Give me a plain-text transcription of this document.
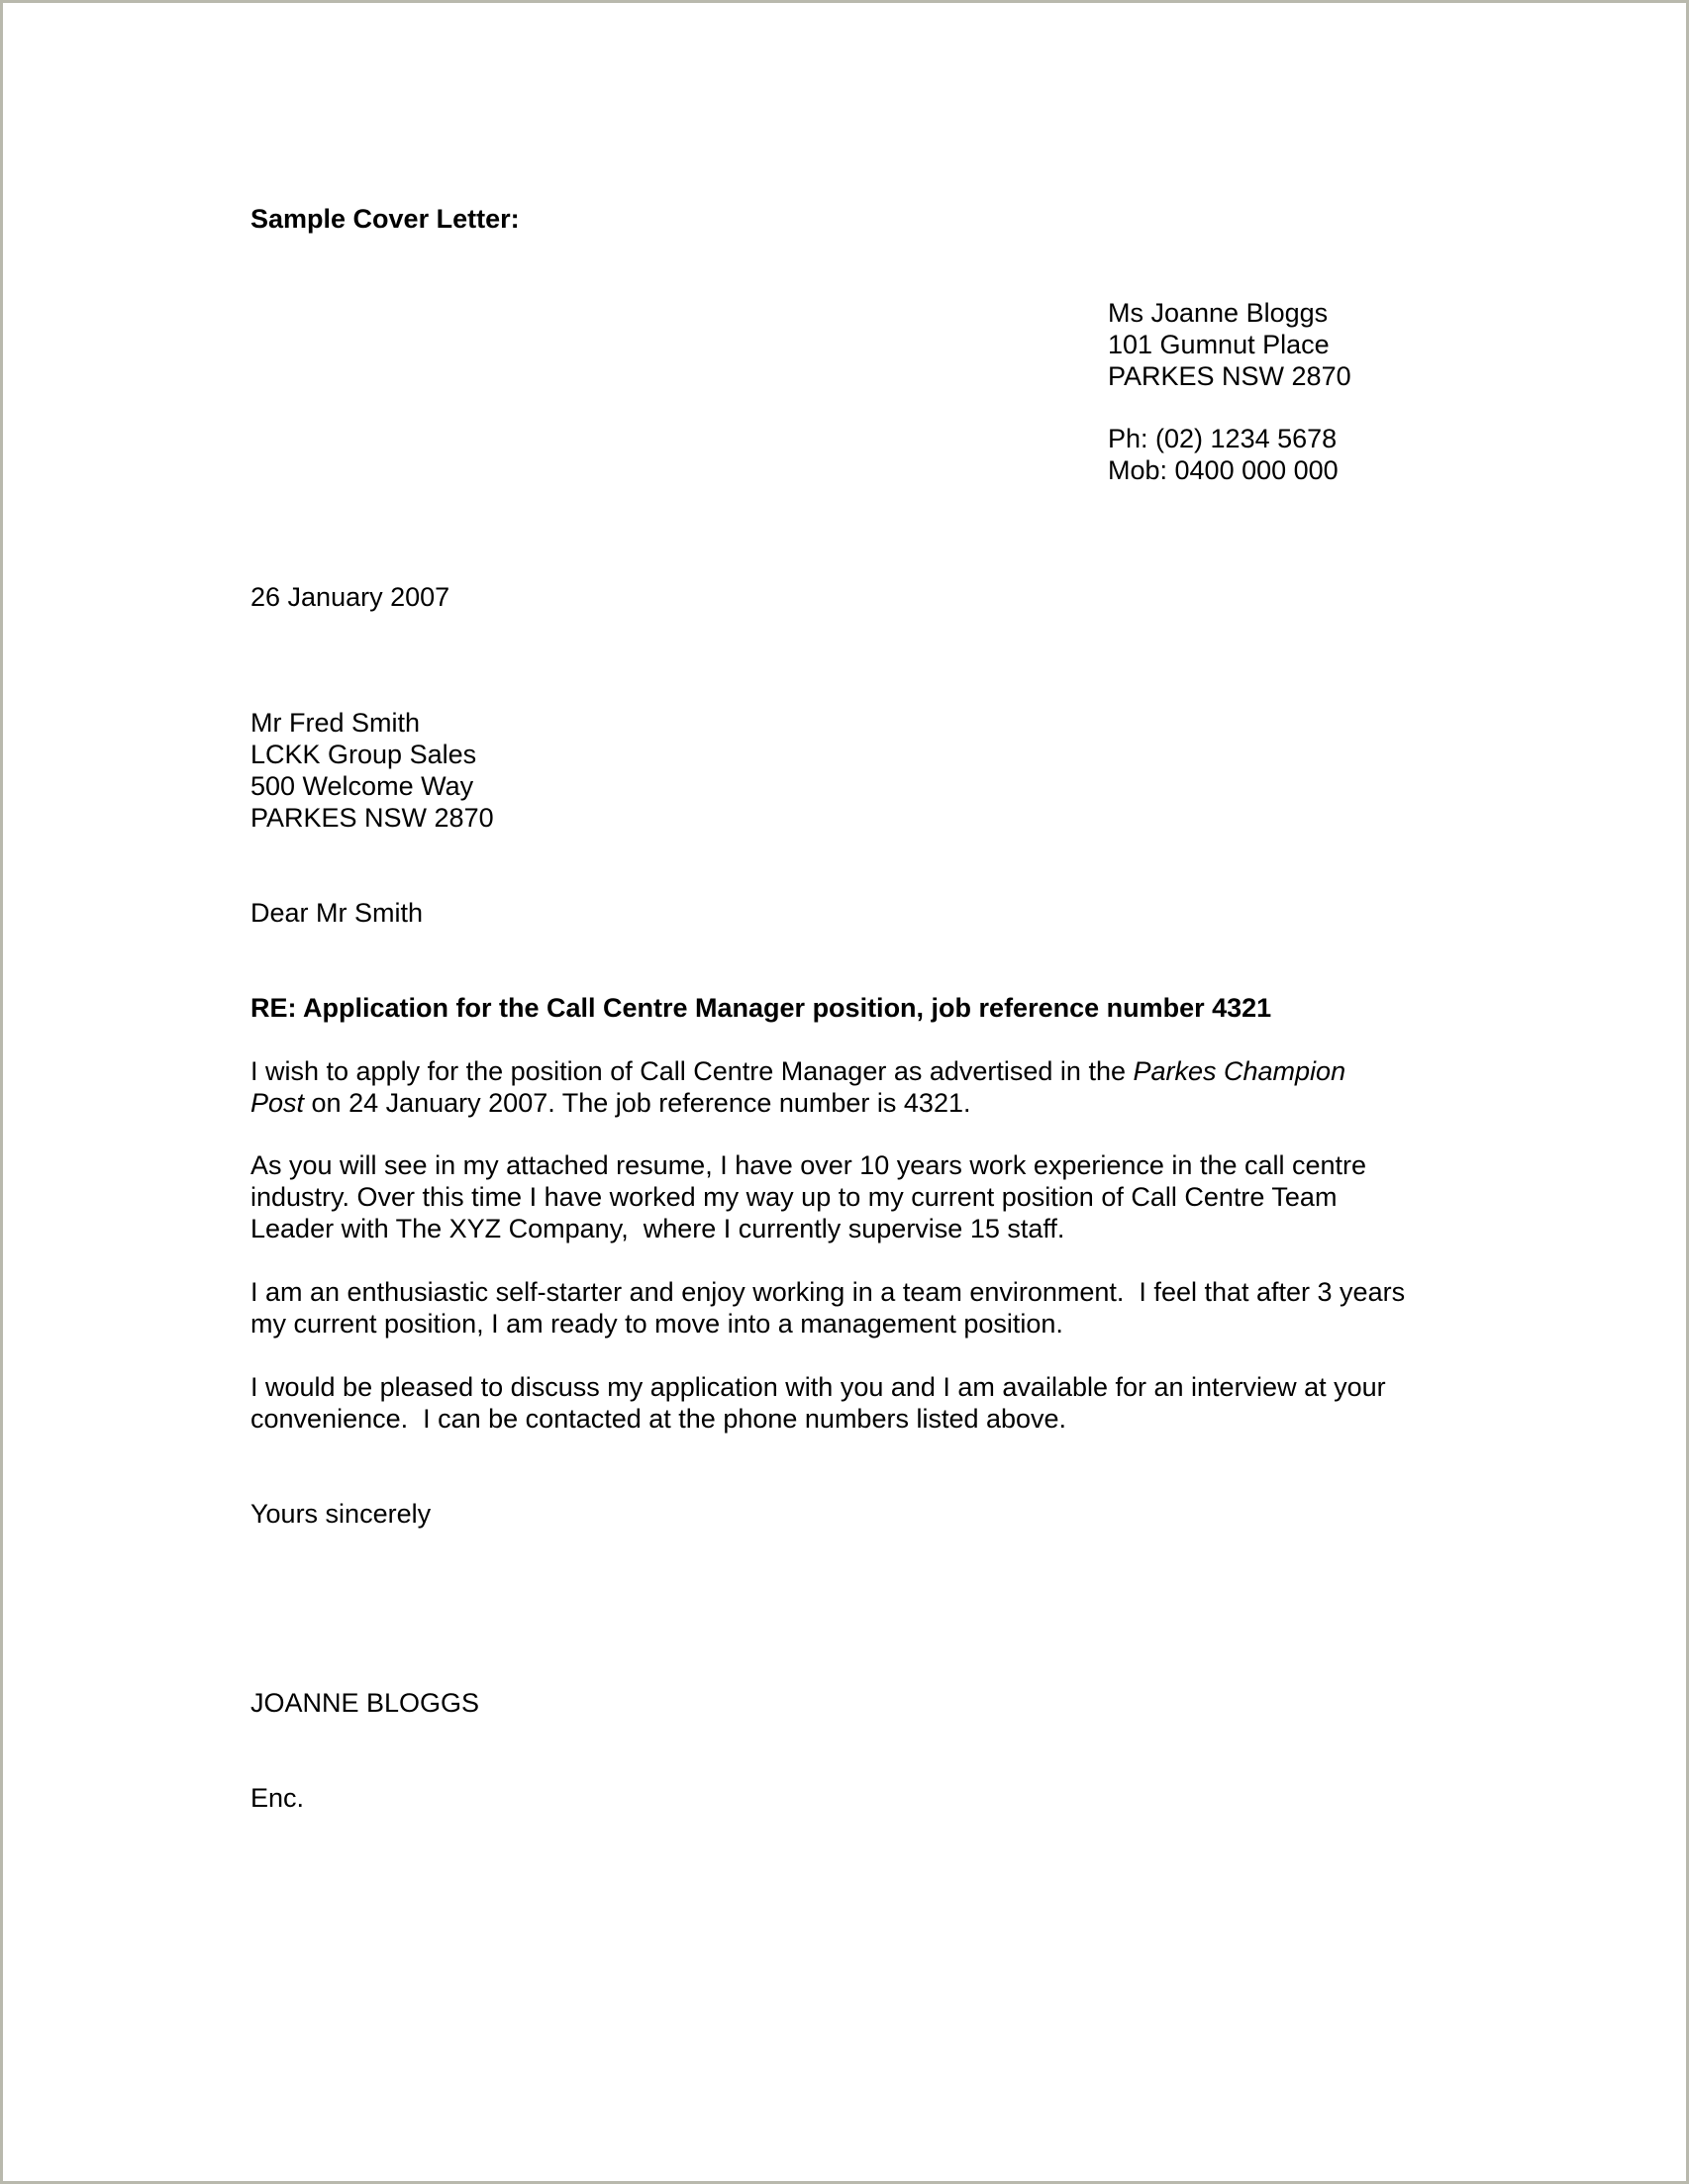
Sample Cover Letter:
Ms Joanne Bloggs
101 Gumnut Place
PARKES NSW 2870
Ph: (02) 1234 5678
Mob: 0400 000 000
26 January 2007
Mr Fred Smith
LCKK Group Sales
500 Welcome Way
PARKES NSW 2870
Dear Mr Smith
RE: Application for the Call Centre Manager position, job reference number 4321
I wish to apply for the position of Call Centre Manager as advertised in the Parkes Champion
Post on 24 January 2007. The job reference number is 4321.
As you will see in my attached resume, I have over 10 years work experience in the call centre
industry. Over this time I have worked my way up to my current position of Call Centre Team
Leader with The XYZ Company,  where I currently supervise 15 staff.
I am an enthusiastic self-starter and enjoy working in a team environment.  I feel that after 3 years
my current position, I am ready to move into a management position.
I would be pleased to discuss my application with you and I am available for an interview at your
convenience.  I can be contacted at the phone numbers listed above.
Yours sincerely
JOANNE BLOGGS
Enc.
